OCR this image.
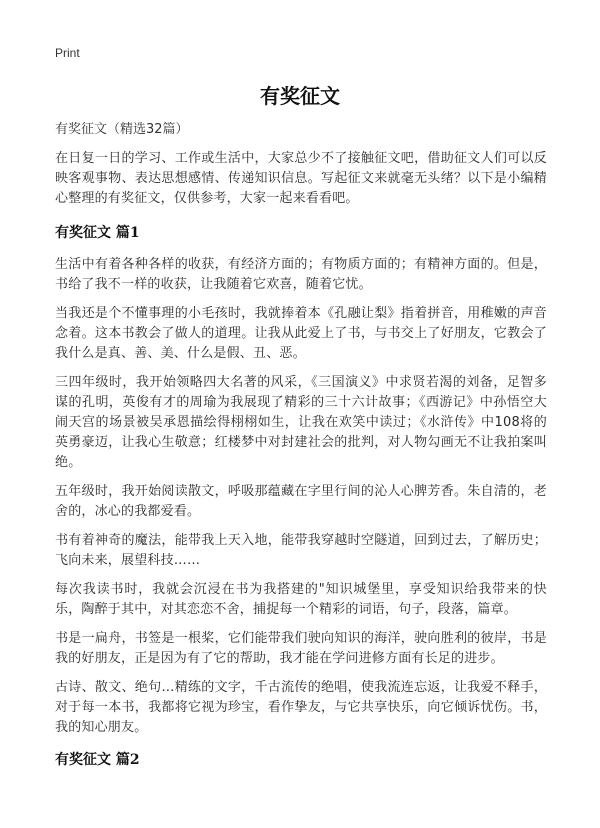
Print
有奖征文

有奖征文（精选32篇）

在日复一日的学习、工作或生活中，大家总少不了接触征文吧，借助征文人们可以反映客观事物、表达思想感情、传递知识信息。写起征文来就毫无头绪？以下是小编精心整理的有奖征文，仅供参考，大家一起来看看吧。

有奖征文 篇1

生活中有着各种各样的收获，有经济方面的；有物质方面的；有精神方面的。但是，书给了我不一样的收获，让我随着它欢喜，随着它忧。

当我还是个不懂事理的小毛孩时，我就捧着本《孔融让梨》指着拼音，用稚嫩的声音念着。这本书教会了做人的道理。让我从此爱上了书，与书交上了好朋友，它教会了我什么是真、善、美、什么是假、丑、恶。

三四年级时，我开始领略四大名著的风采，《三国演义》中求贤若渴的刘备，足智多谋的孔明，英俊有才的周瑜为我展现了精彩的三十六计故事；《西游记》中孙悟空大闹天宫的场景被吴承恩描绘得栩栩如生，让我在欢笑中读过；《水浒传》中108将的英勇豪迈，让我心生敬意；红楼梦中对封建社会的批判，对人物勾画无不让我拍案叫绝。

五年级时，我开始阅读散文，呼吸那蕴藏在字里行间的沁人心脾芳香。朱自清的，老舍的，冰心的我都爱看。

书有着神奇的魔法，能带我上天入地，能带我穿越时空隧道，回到过去，了解历史；飞向未来，展望科技……

每次我读书时，我就会沉浸在书为我搭建的"知识城堡里，享受知识给我带来的快乐，陶醉于其中，对其恋恋不舍，捕捉每一个精彩的词语，句子，段落，篇章。

书是一扁舟，书签是一根桨，它们能带我们驶向知识的海洋，驶向胜利的彼岸，书是我的好朋友，正是因为有了它的帮助，我才能在学问进修方面有长足的进步。

古诗、散文、绝句…精练的文字，千古流传的绝唱，使我流连忘返，让我爱不释手，对于每一本书，我都将它视为珍宝，看作挚友，与它共享快乐，向它倾诉忧伤。书，我的知心朋友。

有奖征文 篇2
